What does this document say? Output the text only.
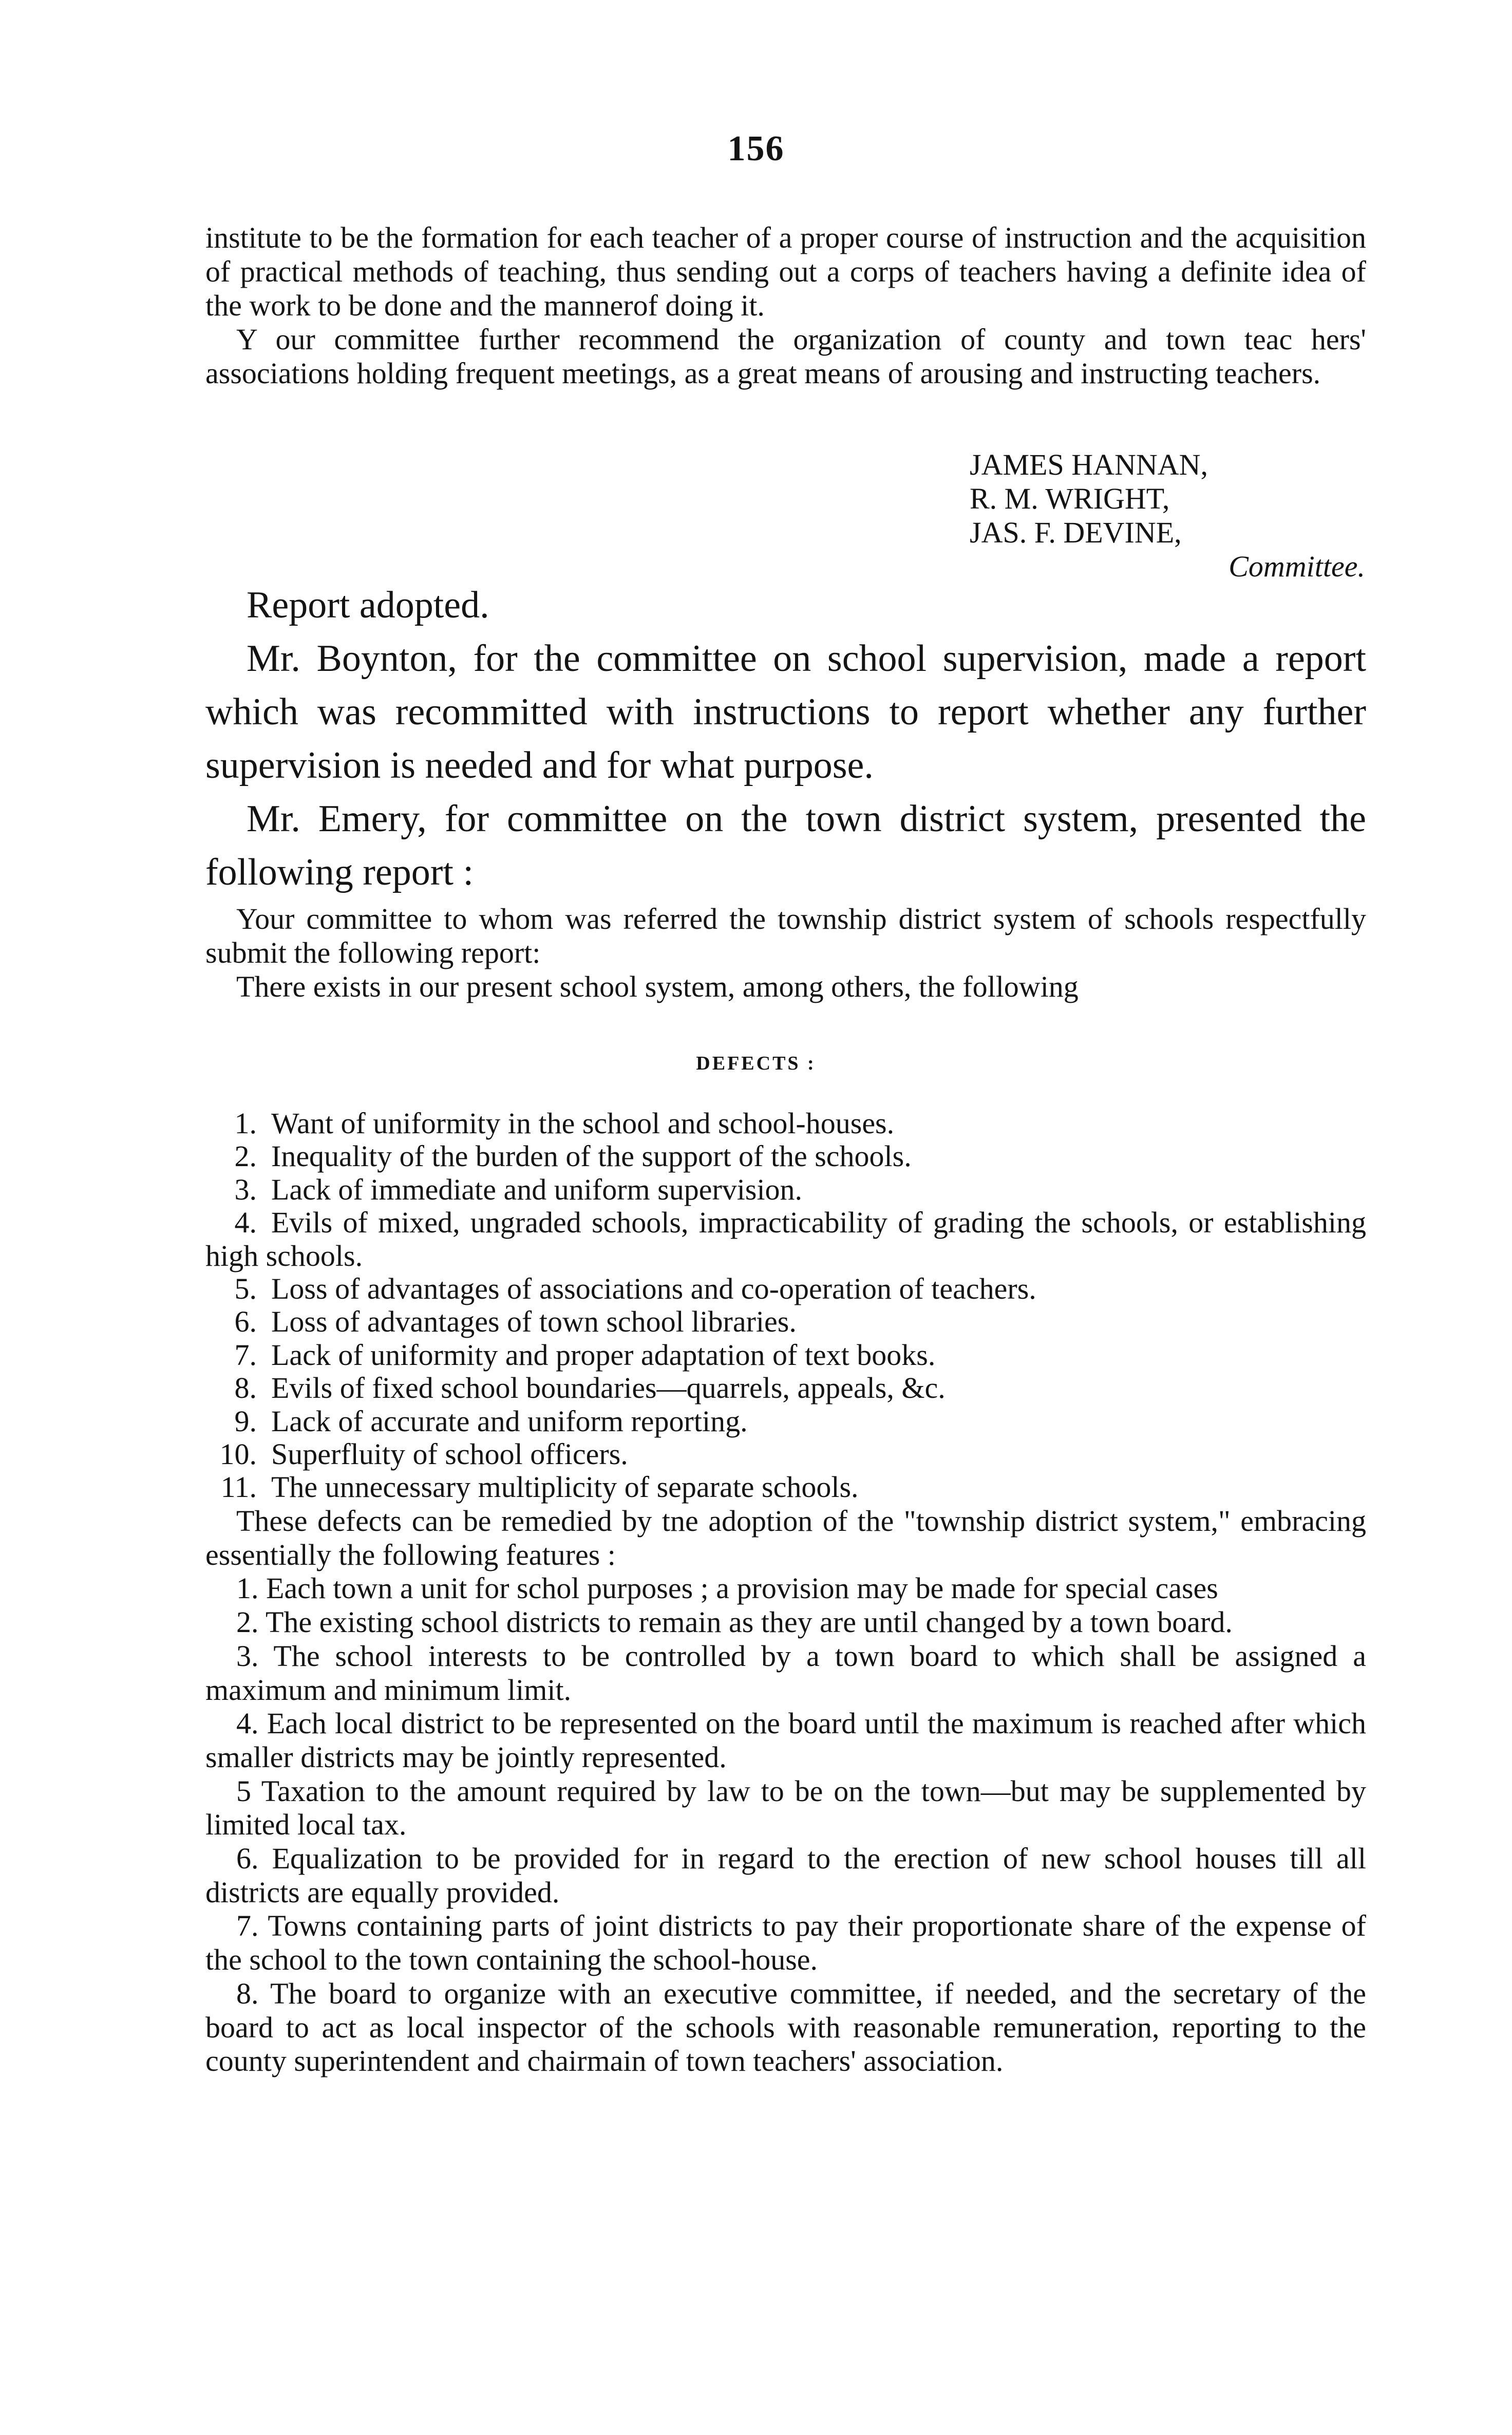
156

institute to be the formation for each teacher of a proper course of instruction and the acquisition of practical methods of teaching, thus sending out a corps of teachers having a definite idea of the work to be done and the mannerof doing it.

Y our committee further recommend the organization of county and town teac hers' associations holding frequent meetings, as a great means of arousing and instructing teachers.

JAMES HANNAN,
R. M. WRIGHT,
JAS. F. DEVINE,
Committee.

Report adopted.

Mr. Boynton, for the committee on school supervision, made a report which was recommitted with instructions to report whether any further supervision is needed and for what purpose.

Mr. Emery, for committee on the town district system, presented the following report :

Your committee to whom was referred the township district system of schools respectfully submit the following report:

There exists in our present school system, among others, the following

DEFECTS :
1. Want of uniformity in the school and school-houses.
2. Inequality of the burden of the support of the schools.
3. Lack of immediate and uniform supervision.
4. Evils of mixed, ungraded schools, impracticability of grading the schools, or establishing high schools.
5. Loss of advantages of associations and co-operation of teachers.
6. Loss of advantages of town school libraries.
7. Lack of uniformity and proper adaptation of text books.
8. Evils of fixed school boundaries—quarrels, appeals, &c.
9. Lack of accurate and uniform reporting.
10. Superfluity of school officers.
11. The unnecessary multiplicity of separate schools.

These defects can be remedied by tne adoption of the "township district system," embracing essentially the following features :

1. Each town a unit for schol purposes ; a provision may be made for special cases

2. The existing school districts to remain as they are until changed by a town board.

3. The school interests to be controlled by a town board to which shall be assigned a maximum and minimum limit.

4. Each local district to be represented on the board until the maximum is reached after which smaller districts may be jointly represented.

5 Taxation to the amount required by law to be on the town—but may be supplemented by limited local tax.

6. Equalization to be provided for in regard to the erection of new school houses till all districts are equally provided.

7. Towns containing parts of joint districts to pay their proportionate share of the expense of the school to the town containing the school-house.

8. The board to organize with an executive committee, if needed, and the secretary of the board to act as local inspector of the schools with reasonable remuneration, reporting to the county superintendent and chairmain of town teachers' association.
